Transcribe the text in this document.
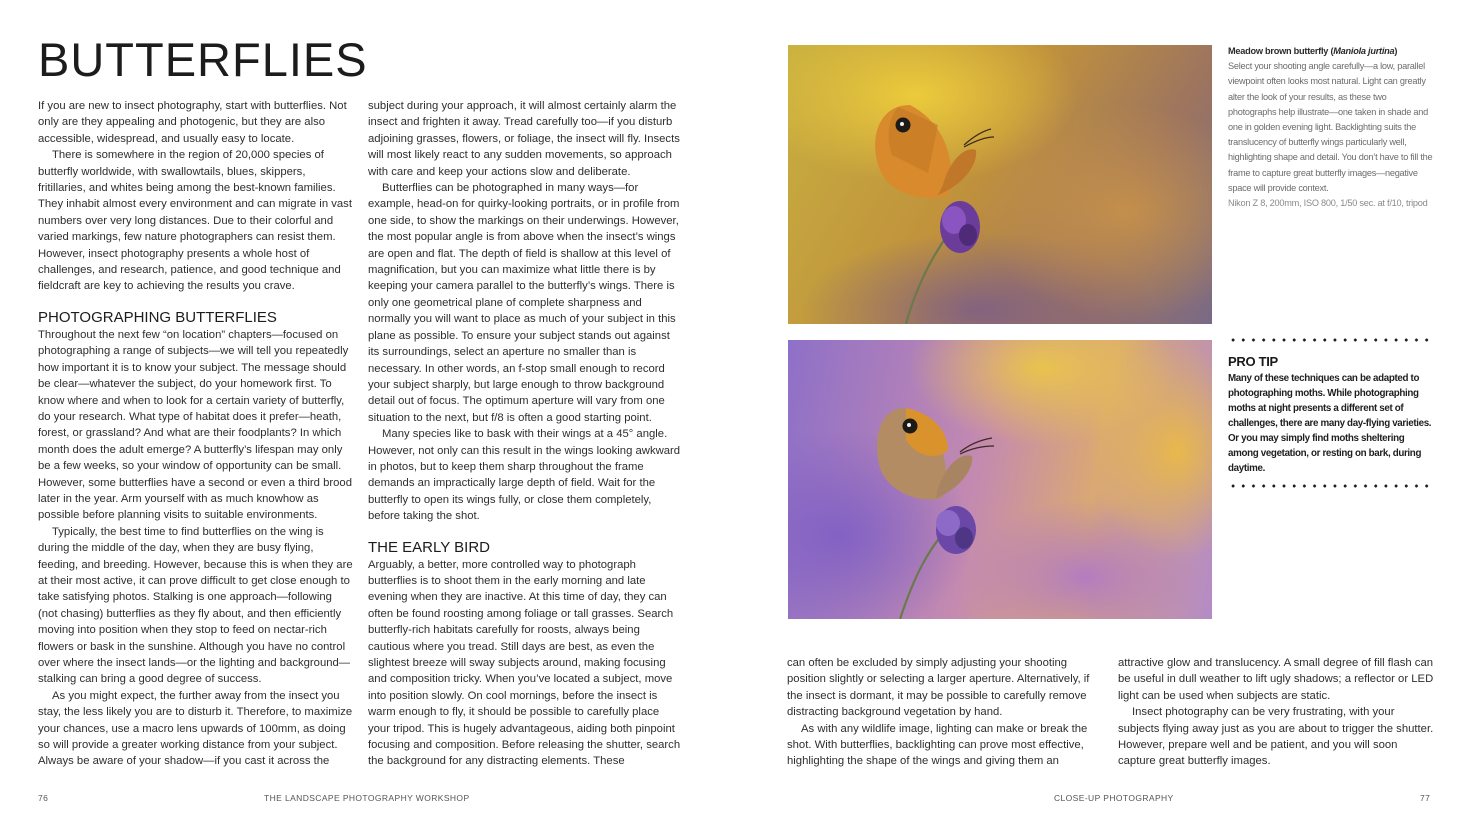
BUTTERFLIES

If you are new to insect photography, start with butterflies. Not only are they appealing and photogenic, but they are also accessible, widespread, and usually easy to locate.

There is somewhere in the region of 20,000 species of butterfly worldwide, with swallowtails, blues, skippers, fritillaries, and whites being among the best-known families. They inhabit almost every environment and can migrate in vast numbers over very long distances. Due to their colorful and varied markings, few nature photographers can resist them. However, insect photography presents a whole host of challenges, and research, patience, and good technique and fieldcraft are key to achieving the results you crave.

PHOTOGRAPHING BUTTERFLIES

Throughout the next few “on location” chapters—focused on photographing a range of subjects—we will tell you repeatedly how important it is to know your subject. The message should be clear—whatever the subject, do your homework first. To know where and when to look for a certain variety of butterfly, do your research. What type of habitat does it prefer—heath, forest, or grassland? And what are their foodplants? In which month does the adult emerge? A butterfly’s lifespan may only be a few weeks, so your window of opportunity can be small. However, some butterflies have a second or even a third brood later in the year. Arm yourself with as much knowhow as possible before planning visits to suitable environments.

Typically, the best time to find butterflies on the wing is during the middle of the day, when they are busy flying, feeding, and breeding. However, because this is when they are at their most active, it can prove difficult to get close enough to take satisfying photos. Stalking is one approach—following (not chasing) butterflies as they fly about, and then efficiently moving into position when they stop to feed on nectar-rich flowers or bask in the sunshine. Although you have no control over where the insect lands—or the lighting and background—stalking can bring a good degree of success.

As you might expect, the further away from the insect you stay, the less likely you are to disturb it. Therefore, to maximize your chances, use a macro lens upwards of 100mm, as doing so will provide a greater working distance from your subject. Always be aware of your shadow—if you cast it across the

subject during your approach, it will almost certainly alarm the insect and frighten it away. Tread carefully too—if you disturb adjoining grasses, flowers, or foliage, the insect will fly. Insects will most likely react to any sudden movements, so approach with care and keep your actions slow and deliberate.

Butterflies can be photographed in many ways—for example, head-on for quirky-looking portraits, or in profile from one side, to show the markings on their underwings. However, the most popular angle is from above when the insect’s wings are open and flat. The depth of field is shallow at this level of magnification, but you can maximize what little there is by keeping your camera parallel to the butterfly’s wings. There is only one geometrical plane of complete sharpness and normally you will want to place as much of your subject in this plane as possible. To ensure your subject stands out against its surroundings, select an aperture no smaller than is necessary. In other words, an f-stop small enough to record your subject sharply, but large enough to throw background detail out of focus. The optimum aperture will vary from one situation to the next, but f/8 is often a good starting point.

Many species like to bask with their wings at a 45° angle. However, not only can this result in the wings looking awkward in photos, but to keep them sharp throughout the frame demands an impractically large depth of field. Wait for the butterfly to open its wings fully, or close them completely, before taking the shot.

THE EARLY BIRD

Arguably, a better, more controlled way to photograph butterflies is to shoot them in the early morning and late evening when they are inactive. At this time of day, they can often be found roosting among foliage or tall grasses. Search butterfly-rich habitats carefully for roosts, always being cautious where you tread. Still days are best, as even the slightest breeze will sway subjects around, making focusing and composition tricky. When you’ve located a subject, move into position slowly. On cool mornings, before the insect is warm enough to fly, it should be possible to carefully place your tripod. This is hugely advantageous, aiding both pinpoint focusing and composition. Before releasing the shutter, search the background for any distracting elements. These

Meadow brown butterfly (Maniola jurtina)
Select your shooting angle carefully—a low, parallel viewpoint often looks most natural. Light can greatly alter the look of your results, as these two photographs help illustrate—one taken in shade and one in golden evening light. Backlighting suits the translucency of butterfly wings particularly well, highlighting shape and detail. You don’t have to fill the frame to capture great butterfly images—negative space will provide context.
Nikon Z 8, 200mm, ISO 800, 1/50 sec. at f/10, tripod
PRO TIP

Many of these techniques can be adapted to photographing moths. While photographing moths at night presents a different set of challenges, there are many day-flying varieties. Or you may simply find moths sheltering among vegetation, or resting on bark, during daytime.

can often be excluded by simply adjusting your shooting position slightly or selecting a larger aperture. Alternatively, if the insect is dormant, it may be possible to carefully remove distracting background vegetation by hand.

As with any wildlife image, lighting can make or break the shot. With butterflies, backlighting can prove most effective, highlighting the shape of the wings and giving them an

attractive glow and translucency. A small degree of fill flash can be useful in dull weather to lift ugly shadows; a reflector or LED light can be used when subjects are static.

Insect photography can be very frustrating, with your subjects flying away just as you are about to trigger the shutter. However, prepare well and be patient, and you will soon capture great butterfly images.

76	THE LANDSCAPE PHOTOGRAPHY WORKSHOP	CLOSE-UP PHOTOGRAPHY	77
